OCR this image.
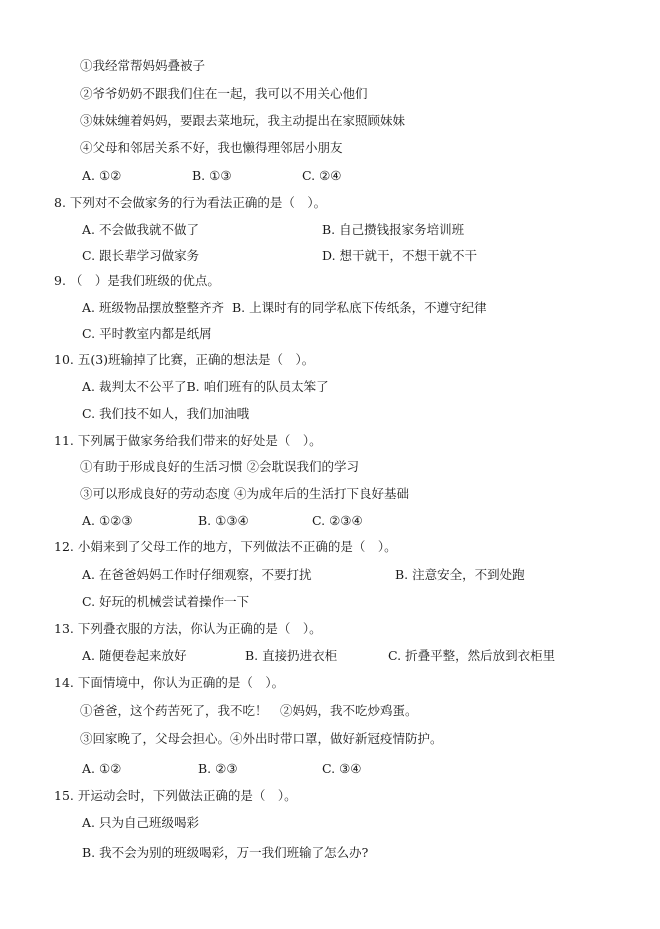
①我经常帮妈妈叠被子
②爷爷奶奶不跟我们住在一起，我可以不用关心他们
③妹妹缠着妈妈，要跟去菜地玩，我主动提出在家照顾妹妹
④父母和邻居关系不好，我也懒得理邻居小朋友
A. ①②	B. ①③	C. ②④
8. 下列对不会做家务的行为看法正确的是（　）。
A. 不会做我就不做了	B. 自己攒钱报家务培训班
C. 跟长辈学习做家务	D. 想干就干，不想干就不干
9. （　）是我们班级的优点。
A. 班级物品摆放整整齐齐 B. 上课时有的同学私底下传纸条，不遵守纪律
C. 平时教室内都是纸屑
10. 五(3)班输掉了比赛，正确的想法是（　）。
A. 裁判太不公平了B. 咱们班有的队员太笨了
C. 我们技不如人，我们加油哦
11. 下列属于做家务给我们带来的好处是（　）。
①有助于形成良好的生活习惯 ②会耽误我们的学习
③可以形成良好的劳动态度 ④为成年后的生活打下良好基础
A. ①②③	B. ①③④	C. ②③④
12. 小娟来到了父母工作的地方，下列做法不正确的是（　）。
A. 在爸爸妈妈工作时仔细观察，不要打扰	B. 注意安全，不到处跑
C. 好玩的机械尝试着操作一下
13. 下列叠衣服的方法，你认为正确的是（　）。
A. 随便卷起来放好	B. 直接扔进衣柜	C. 折叠平整，然后放到衣柜里
14. 下面情境中，你认为正确的是（　）。
①爸爸，这个药苦死了，我不吃！　②妈妈，我不吃炒鸡蛋。
③回家晚了，父母会担心。④外出时带口罩，做好新冠疫情防护。
A. ①②	B. ②③	C. ③④
15. 开运动会时，下列做法正确的是（　）。
A. 只为自己班级喝彩
B. 我不会为别的班级喝彩，万一我们班输了怎么办?
